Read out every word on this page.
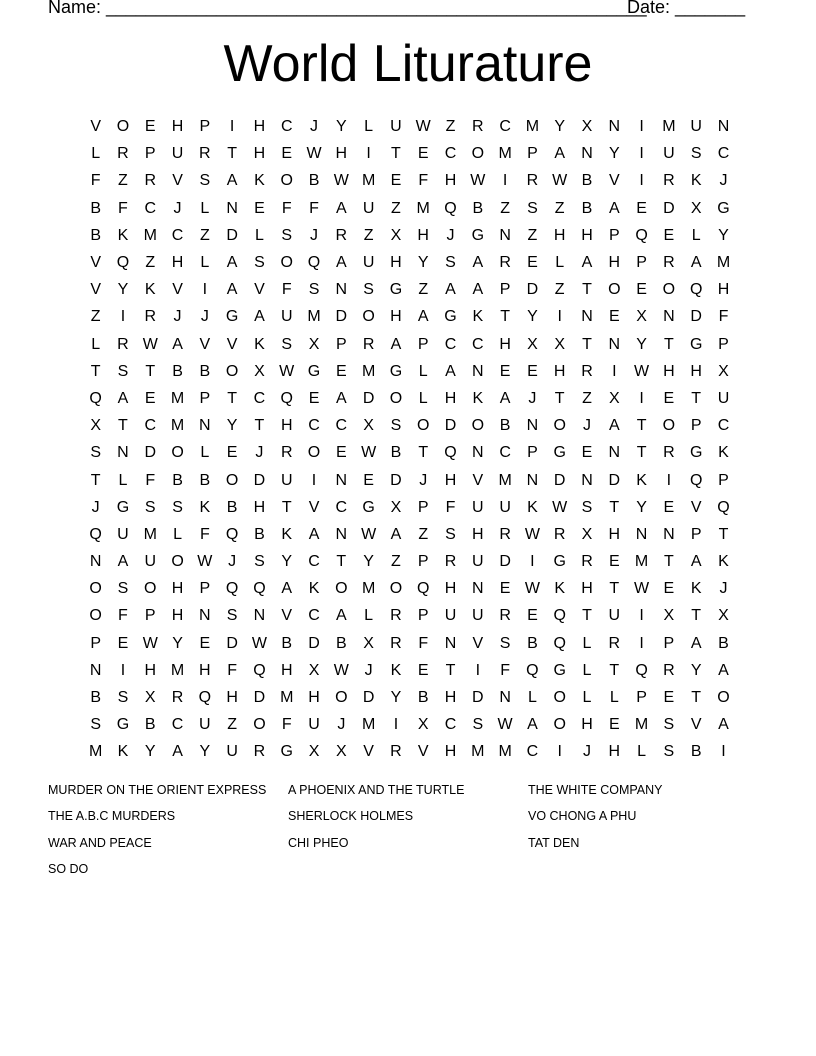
Name: ______________________________________________________
Date: _______
World Liturature
V O E	H	P	I	H C	J	Y	L	U W Z	R C M Y	X	N	I	M U N
L	R	P	U R	T	H	E W H	I	T	E	C O M P	A	N	Y	I	U	S	C
F	Z	R	V	S	A	K O B W M E	F	H W	I	R W B	V	I	R	K	J
B	F	C	J	L	N	E	F	F	A	U	Z M Q B	Z	S	Z	B	A	E	D	X G
B	K M C	Z	D	L	S	J	R	Z	X	H	J	G N	Z	H H	P Q E	L	Y
V Q	Z	H	L	A	S O Q A	U H	Y	S	A	R	E	L	A	H	P	R	A M
V	Y	K	V	I	A	V	F	S	N	S G	Z	A	A	P	D	Z	T	O E O Q H
Z	I	R	J	J	G A	U M D O H	A G K	T	Y	I	N	E	X	N D	F
L	R W A	V	V	K	S	X	P	R	A	P	C C H	X	X	T	N	Y	T	G P
T	S	T	B	B O X W G E M G	L	A	N	E	E	H R	I	W H H	X
Q A	E M P	T	C Q E	A	D O	L	H	K	A	J	T	Z	X	I	E	T	U
X	T	C M N	Y	T	H C C	X	S O D O B	N O	J	A	T	O P	C
S	N D O	L	E	J	R O E W B	T	Q N C	P G E	N	T	R G K
T	L	F	B	B O D U	I	N	E	D	J	H	V M N D N D	K	I	Q P
J	G S	S	K	B	H	T	V	C G X	P	F	U U	K W S	T	Y	E	V Q
Q U M	L	F	Q B	K	A	N W A	Z	S	H R W R	X	H N N	P	T
N	A	U O W J	S	Y	C	T	Y	Z	P	R U D	I	G R	E M T	A	K
O S O H	P Q Q A	K O M O Q H N	E W K	H	T W E	K	J
O	F	P	H N	S	N	V	C	A	L	R	P	U U R	E Q	T	U	I	X	T	X
P	E W Y	E	D W B	D	B	X	R	F	N	V	S	B Q	L	R	I	P	A	B
N	I	H M H	F	Q H	X W J	K	E	T	I	F	Q G	L	T	Q R	Y	A
B	S	X	R Q H D M H O D	Y	B	H D N	L	O	L	L	P	E	T	O
S G B	C U	Z	O	F	U	J	M	I	X	C	S W A O H	E M S	V	A
M K	Y	A	Y	U R G X	X	V	R	V	H M M C	I	J	H	L	S	B	I
MURDER ON THE ORIENT EXPRESS	A PHOENIX AND THE TURTLE	THE WHITE COMPANY
THE A.B.C MURDERS	SHERLOCK HOLMES	VO CHONG A PHU
WAR AND PEACE	CHI PHEO	TAT DEN
SO DO
